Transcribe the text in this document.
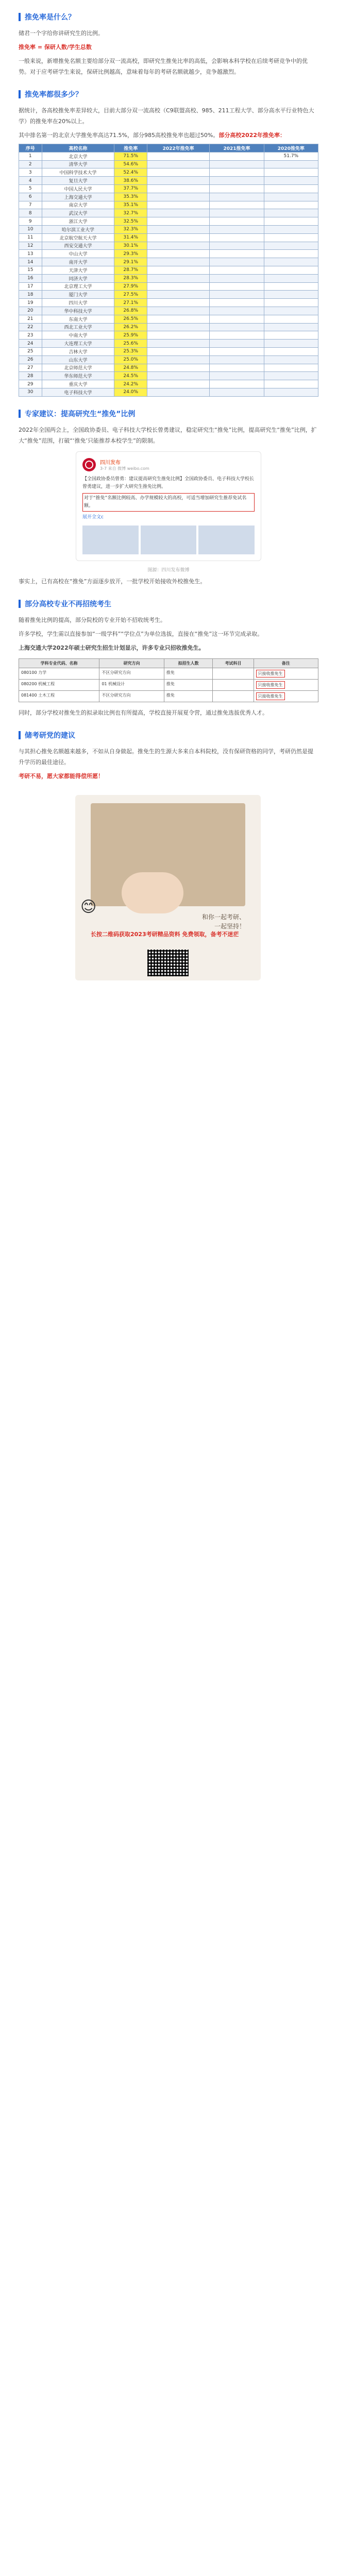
推免率是什么？

储君一个字给你讲研究生的比例。

推免率 = 保研人数/学生总数

一般来说，新增推免名额主要给部分双一流高校，即研究生推免比率的高低，会影响本科学校在后续考研竞争中的优势。对于应考研学生来说，保研比例越高，意味着每年的考研名额就越少，竞争越激烈。

推免率都很多少？

据统计，各高校推免率差异较大，目前大部分双一流高校（C9联盟高校、985、211工程大学、部分高水平行业特色大学）的推免率在20%以上。

其中排名第一的北京大学推免率高达71.5%，部分985高校推免率也超过50%。部分高校2022年推免率：

序号	高校名称	推免率	2022年推免率	2021推免率	2020推免率
1	北京大学	71.5%			51.7%
2	清华大学	54.6%			
3	中国科学技术大学	52.4%			
4	复旦大学	38.6%			
5	中国人民大学	37.7%			
6	上海交通大学	35.3%			
7	南京大学	35.1%			
8	武汉大学	32.7%			
9	浙江大学	32.5%			
10	哈尔滨工业大学	32.3%			
11	北京航空航天大学	31.4%			
12	西安交通大学	30.1%			
13	中山大学	29.3%			
14	南开大学	29.1%			
15	天津大学	28.7%			
16	同济大学	28.3%			
17	北京理工大学	27.9%			
18	厦门大学	27.5%			
19	四川大学	27.1%			
20	华中科技大学	26.8%			
21	东南大学	26.5%			
22	西北工业大学	26.2%			
23	中南大学	25.9%			
24	大连理工大学	25.6%			
25	吉林大学	25.3%			
26	山东大学	25.0%			
27	北京师范大学	24.8%			
28	华东师范大学	24.5%			
29	重庆大学	24.2%			
30	电子科技大学	24.0%			
专家建议：提高研究生“推免”比例

2022年全国两会上，全国政协委员、电子科技大学校长曾勇建议，稳定研究生“推免”比例，提高研究生“推免”比例，扩大“推免”范围，打破“‘推免’只能推荐本校学生”的限制。

四川发布
3-7 来自 微博 weibo.com
【全国政协委员曾勇：建议提高研究生推免比例】全国政协委员、电子科技大学校长曾勇建议，进一步扩大研究生推免比例。
对于“推免”名额比例较高、办学规模较大的高校，可适当增加研究生推荐免试名额。
展开全文c
图源：四川发布微博

事实上，已有高校在“推免”方面逐步放开，一批学校开始接收外校推免生。

部分高校专业不再招统考生

随着推免比例的提高，部分院校的专业开始不招收统考生。

许多学校，学生需以直接参加“一级学科”“学位点”为单位选拔，直接在“推免”这一环节完成录取。

上海交通大学2022年硕士研究生招生计划显示，许多专业只招收推免生。

学科专业代码、名称	研究方向	拟招生人数	考试科目	备注
080100 力学	不区分研究方向	推免		只接收推免生
080200 机械工程	01 机械设计	推免		只接收推免生
081400 土木工程	不区分研究方向	推免		只接收推免生

同时，部分学校对推免生的拟录取比例也有所提高，学校直接开展夏令营，通过推免选拔优秀人才。

储考研党的建议

与其担心推免名额越来越多，不如从自身做起。推免生的生源大多来自本科院校，没有保研资格的同学，考研仍然是提升学历的最佳途径。

考研不易，愿大家都能得偿所愿！

😊
和你一起考研、
一起坚持！
长按二维码获取2023考研精品资料 免费领取，备考不迷茫
